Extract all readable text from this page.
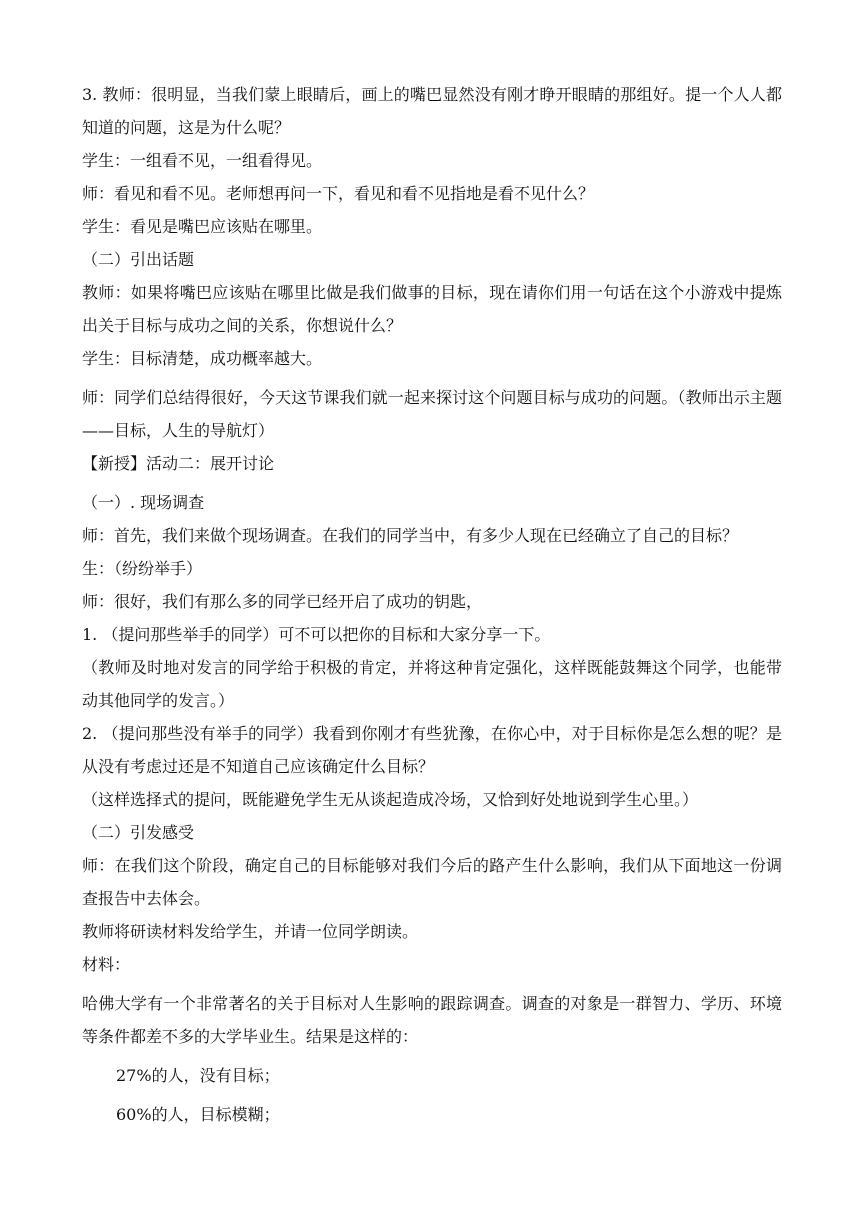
3. 教师：很明显，当我们蒙上眼睛后，画上的嘴巴显然没有刚才睁开眼睛的那组好。提一个人人都知道的问题，这是为什么呢？

学生：一组看不见，一组看得见。

师：看见和看不见。老师想再问一下，看见和看不见指地是看不见什么？

学生：看见是嘴巴应该贴在哪里。

（二）引出话题

教师：如果将嘴巴应该贴在哪里比做是我们做事的目标，现在请你们用一句话在这个小游戏中提炼出关于目标与成功之间的关系，你想说什么？

学生：目标清楚，成功概率越大。

师：同学们总结得很好，今天这节课我们就一起来探讨这个问题目标与成功的问题。（教师出示主题——目标，人生的导航灯）

【新授】活动二：展开讨论

（一）. 现场调查

师：首先，我们来做个现场调查。在我们的同学当中，有多少人现在已经确立了自己的目标？

生：（纷纷举手）

师：很好，我们有那么多的同学已经开启了成功的钥匙，

1. （提问那些举手的同学）可不可以把你的目标和大家分享一下。

（教师及时地对发言的同学给于积极的肯定，并将这种肯定强化，这样既能鼓舞这个同学，也能带动其他同学的发言。）

2. （提问那些没有举手的同学）我看到你刚才有些犹豫，在你心中，对于目标你是怎么想的呢？是从没有考虑过还是不知道自己应该确定什么目标？

（这样选择式的提问，既能避免学生无从谈起造成冷场，又恰到好处地说到学生心里。）

（二）引发感受

师：在我们这个阶段，确定自己的目标能够对我们今后的路产生什么影响，我们从下面地这一份调查报告中去体会。

教师将研读材料发给学生，并请一位同学朗读。

材料：

哈佛大学有一个非常著名的关于目标对人生影响的跟踪调查。调查的对象是一群智力、学历、环境等条件都差不多的大学毕业生。结果是这样的：

27%的人，没有目标；

60%的人，目标模糊；
